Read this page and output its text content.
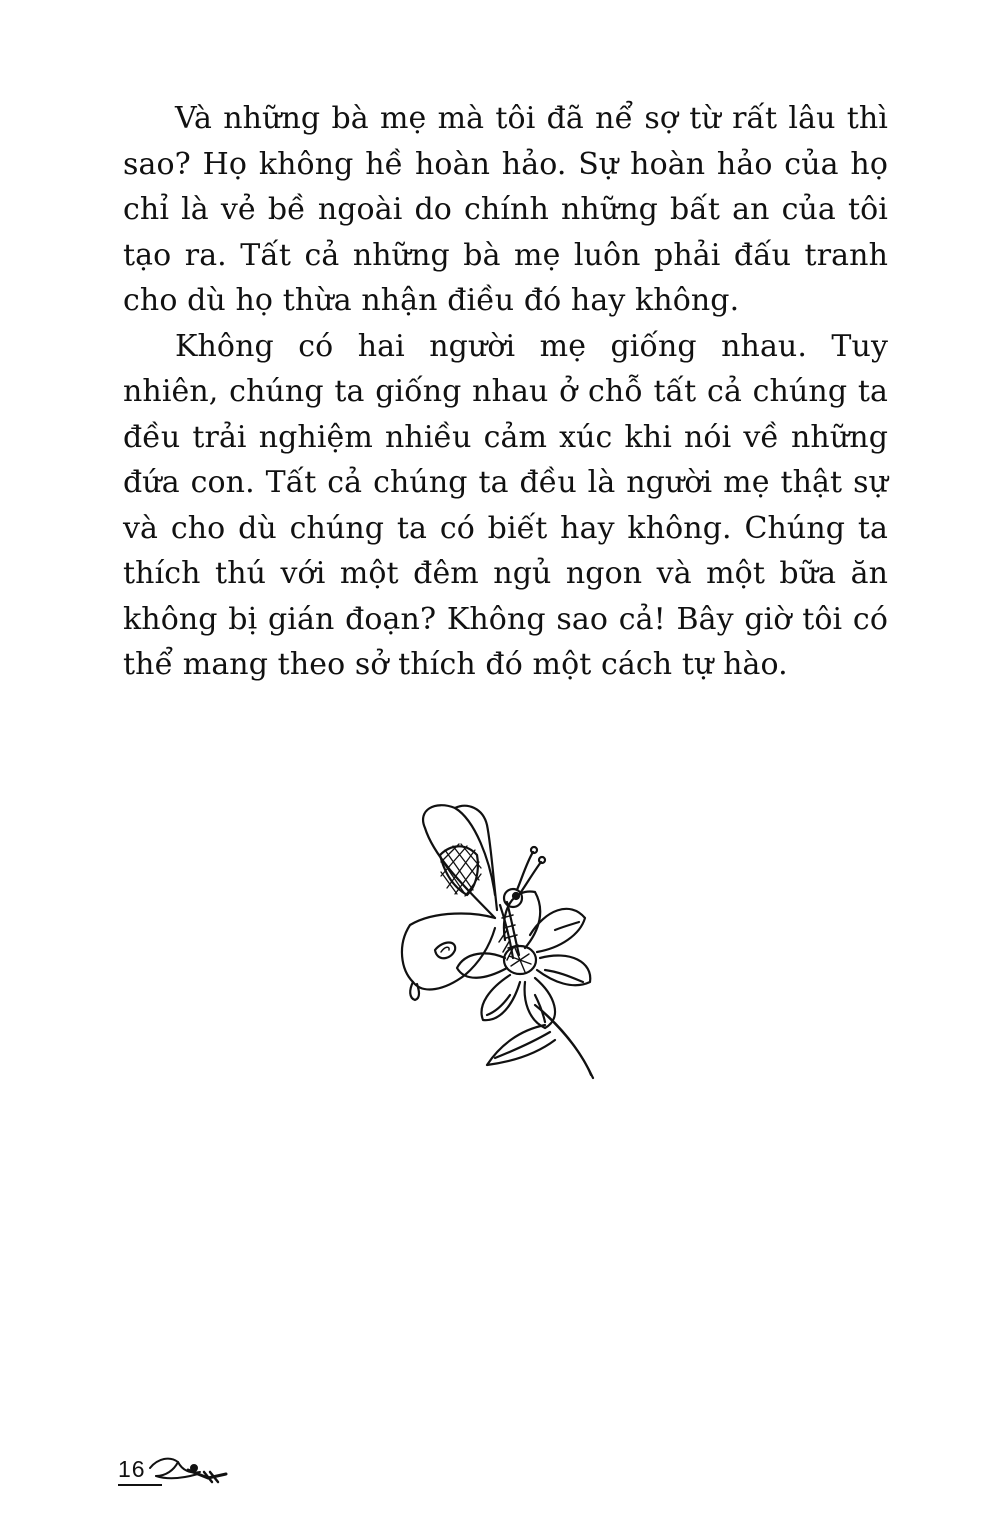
Và những bà mẹ mà tôi đã nể sợ từ rất lâu thì sao? Họ không hề hoàn hảo. Sự hoàn hảo của họ chỉ là vẻ bề ngoài do chính những bất an của tôi tạo ra. Tất cả những bà mẹ luôn phải đấu tranh cho dù họ thừa nhận điều đó hay không.

Không có hai người mẹ giống nhau. Tuy nhiên, chúng ta giống nhau ở chỗ tất cả chúng ta đều trải nghiệm nhiều cảm xúc khi nói về những đứa con. Tất cả chúng ta đều là người mẹ thật sự và cho dù chúng ta có biết hay không. Chúng ta thích thú với một đêm ngủ ngon và một bữa ăn không bị gián đoạn? Không sao cả! Bây giờ tôi có thể mang theo sở thích đó một cách tự hào.

16
